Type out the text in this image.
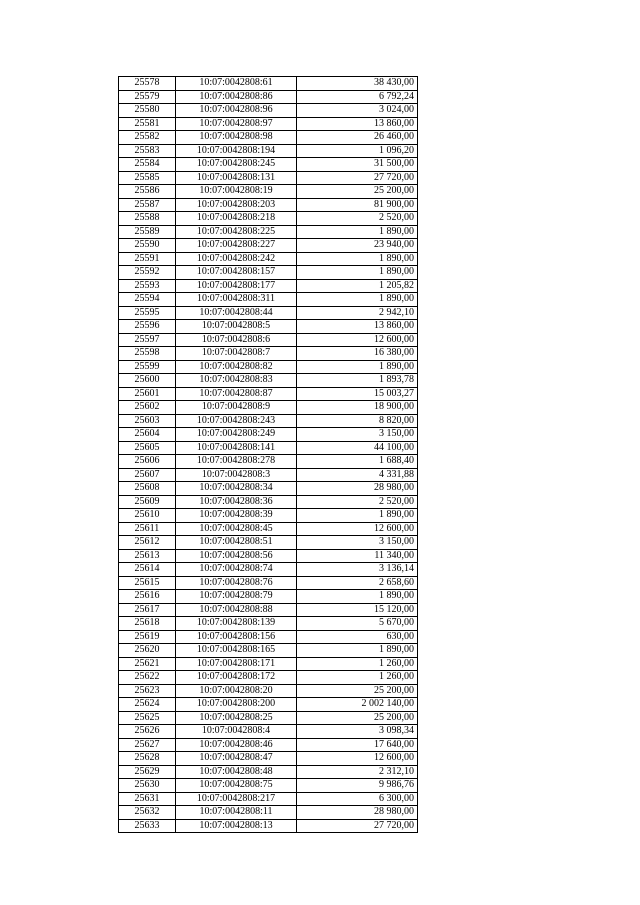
25578	10:07:0042808:61	38 430,00
25579	10:07:0042808:86	6 792,24
25580	10:07:0042808:96	3 024,00
25581	10:07:0042808:97	13 860,00
25582	10:07:0042808:98	26 460,00
25583	10:07:0042808:194	1 096,20
25584	10:07:0042808:245	31 500,00
25585	10:07:0042808:131	27 720,00
25586	10:07:0042808:19	25 200,00
25587	10:07:0042808:203	81 900,00
25588	10:07:0042808:218	2 520,00
25589	10:07:0042808:225	1 890,00
25590	10:07:0042808:227	23 940,00
25591	10:07:0042808:242	1 890,00
25592	10:07:0042808:157	1 890,00
25593	10:07:0042808:177	1 205,82
25594	10:07:0042808:311	1 890,00
25595	10:07:0042808:44	2 942,10
25596	10:07:0042808:5	13 860,00
25597	10:07:0042808:6	12 600,00
25598	10:07:0042808:7	16 380,00
25599	10:07:0042808:82	1 890,00
25600	10:07:0042808:83	1 893,78
25601	10:07:0042808:87	15 003,27
25602	10:07:0042808:9	18 900,00
25603	10:07:0042808:243	8 820,00
25604	10:07:0042808:249	3 150,00
25605	10:07:0042808:141	44 100,00
25606	10:07:0042808:278	1 688,40
25607	10:07:0042808:3	4 331,88
25608	10:07:0042808:34	28 980,00
25609	10:07:0042808:36	2 520,00
25610	10:07:0042808:39	1 890,00
25611	10:07:0042808:45	12 600,00
25612	10:07:0042808:51	3 150,00
25613	10:07:0042808:56	11 340,00
25614	10:07:0042808:74	3 136,14
25615	10:07:0042808:76	2 658,60
25616	10:07:0042808:79	1 890,00
25617	10:07:0042808:88	15 120,00
25618	10:07:0042808:139	5 670,00
25619	10:07:0042808:156	630,00
25620	10:07:0042808:165	1 890,00
25621	10:07:0042808:171	1 260,00
25622	10:07:0042808:172	1 260,00
25623	10:07:0042808:20	25 200,00
25624	10:07:0042808:200	2 002 140,00
25625	10:07:0042808:25	25 200,00
25626	10:07:0042808:4	3 098,34
25627	10:07:0042808:46	17 640,00
25628	10:07:0042808:47	12 600,00
25629	10:07:0042808:48	2 312,10
25630	10:07:0042808:75	9 986,76
25631	10:07:0042808:217	6 300,00
25632	10:07:0042808:11	28 980,00
25633	10:07:0042808:13	27 720,00
